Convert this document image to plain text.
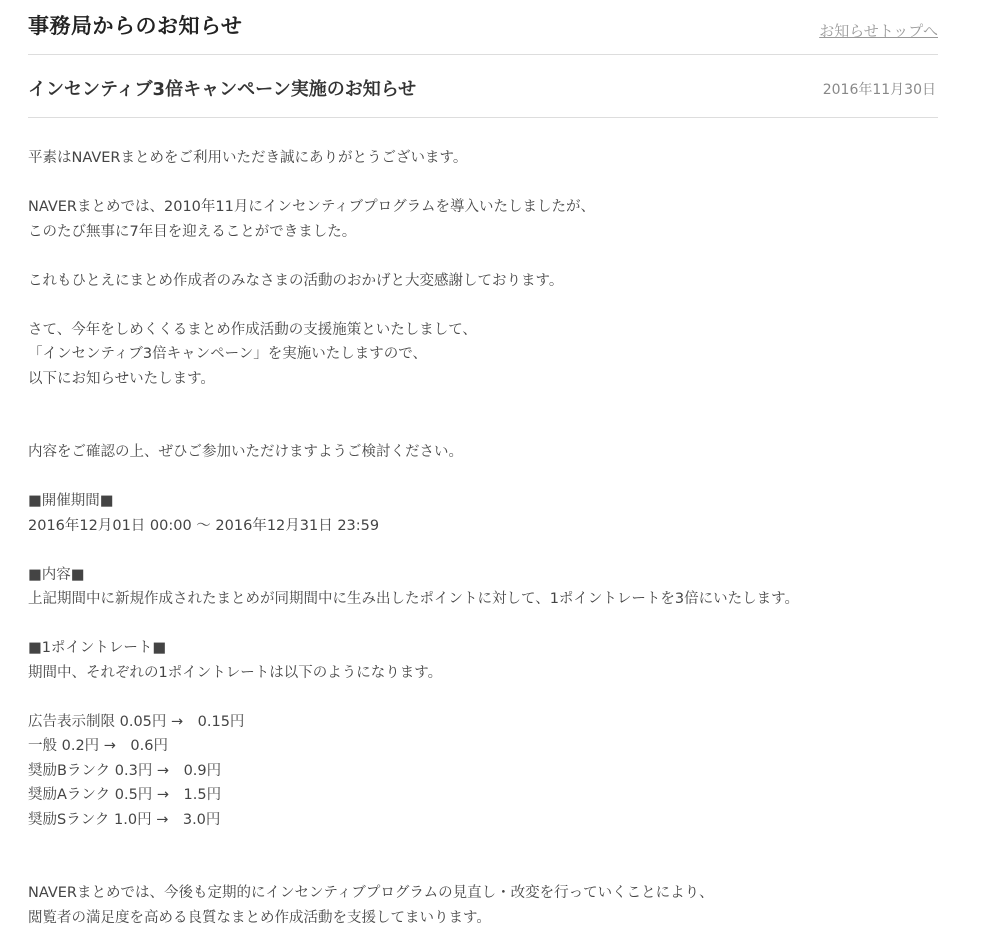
事務局からのお知らせ	お知らせトップへ
インセンティブ3倍キャンペーン実施のお知らせ	2016年11月30日
平素はNAVERまとめをご利用いただき誠にありがとうございます。
NAVERまとめでは、2010年11月にインセンティブプログラムを導入いたしましたが、
このたび無事に7年目を迎えることができました。
これもひとえにまとめ作成者のみなさまの活動のおかげと大変感謝しております。
さて、今年をしめくくるまとめ作成活動の支援施策といたしまして、
「インセンティブ3倍キャンペーン」を実施いたしますので、
以下にお知らせいたします。
内容をご確認の上、ぜひご参加いただけますようご検討ください。
■開催期間■
2016年12月01日 00:00 〜 2016年12月31日 23:59
■内容■
上記期間中に新規作成されたまとめが同期間中に生み出したポイントに対して、1ポイントレートを3倍にいたします。
■1ポイントレート■
期間中、それぞれの1ポイントレートは以下のようになります。
広告表示制限 0.05円 →　0.15円
一般 0.2円 →　0.6円
奨励Bランク 0.3円 →　0.9円
奨励Aランク 0.5円 →　1.5円
奨励Sランク 1.0円 →　3.0円
NAVERまとめでは、今後も定期的にインセンティブプログラムの見直し・改変を行っていくことにより、
閲覧者の満足度を高める良質なまとめ作成活動を支援してまいります。
